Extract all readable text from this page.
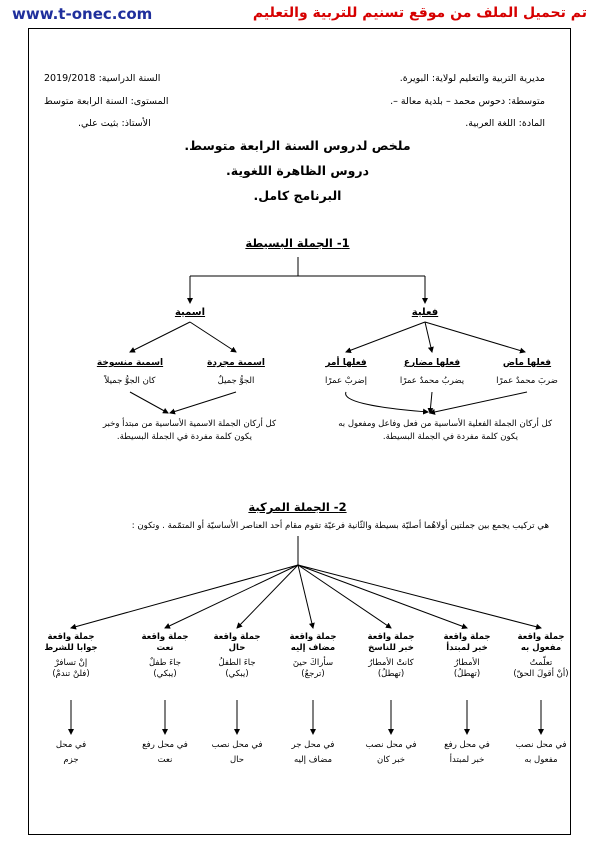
www.t-onec.com	تم تحميل الملف من موقع تسنيم للتربية والتعليم
مديرية التربية والتعليم لولاية: البويرة.
متوسطة: دحوس محمد – بلدية معالة –.
المادة: اللغة العربية.
السنة الدراسية: 2019/2018
المستوى: السنة الرابعة متوسط
الأستاذ: بثيت علي.
ملخص لدروس السنة الرابعة متوسط.
دروس الظاهرة اللغوية.
البرنامج كامل.
1- الجملة البسيطة
فعلية
اسمية
فعلها ماض
ضربَ محمدٌ عمرًا
فعلها مضارع
يضربُ محمدٌ عمرًا
فعلها أمر
إضربْ عمرًا
اسمية مجردة
الجوُّ جميلٌ
اسمية منسوخة
كان الجوُّ جميلاً
كل أركان الجملة الفعلية الأساسية من فعل وفاعل ومفعول به
يكون كلمة مفردة في الجملة البسيطة.
كل أركان الجملة الاسمية الأساسية من مبتدأ وخبر
يكون كلمة مفردة في الجملة البسيطة.
2- الجملة المركبة
هي تركيب يجمع بين جملتين أولاهُما أصليّة بسيطة والثّانية فرعيّة تقوم مقام أحد العناصر الأساسيّة أو المتمّمة . وتكون :
جملة واقعة
مفعول به
تعلّمتُ
(أنْ أقولَ الحقّ)
جملة واقعة
خبر لمبتدأ
الأمطارُ
(تهطلُ)
جملة واقعة
خبر للناسخ
كانتْ الأمطارُ
(تهطلُ)
جملة واقعة
مضاف إليه
سأراكَ حينَ
(ترجعُ)
جملة واقعة
حال
جاءَ الطفلُ
(يبكي)
جملة واقعة
نعت
جاءَ طفلٌ
(يبكي)
جملة واقعة
جوابا للشرط
إنْ تسافرْ
(فلنْ تندمْ)
في محل نصب
مفعول به
في محل رفع
خبر لمبتدأ
في محل نصب
خبر كان
في محل جر
مضاف إليه
في محل نصب
حال
في محل رفع
نعت
في محل
جزم
